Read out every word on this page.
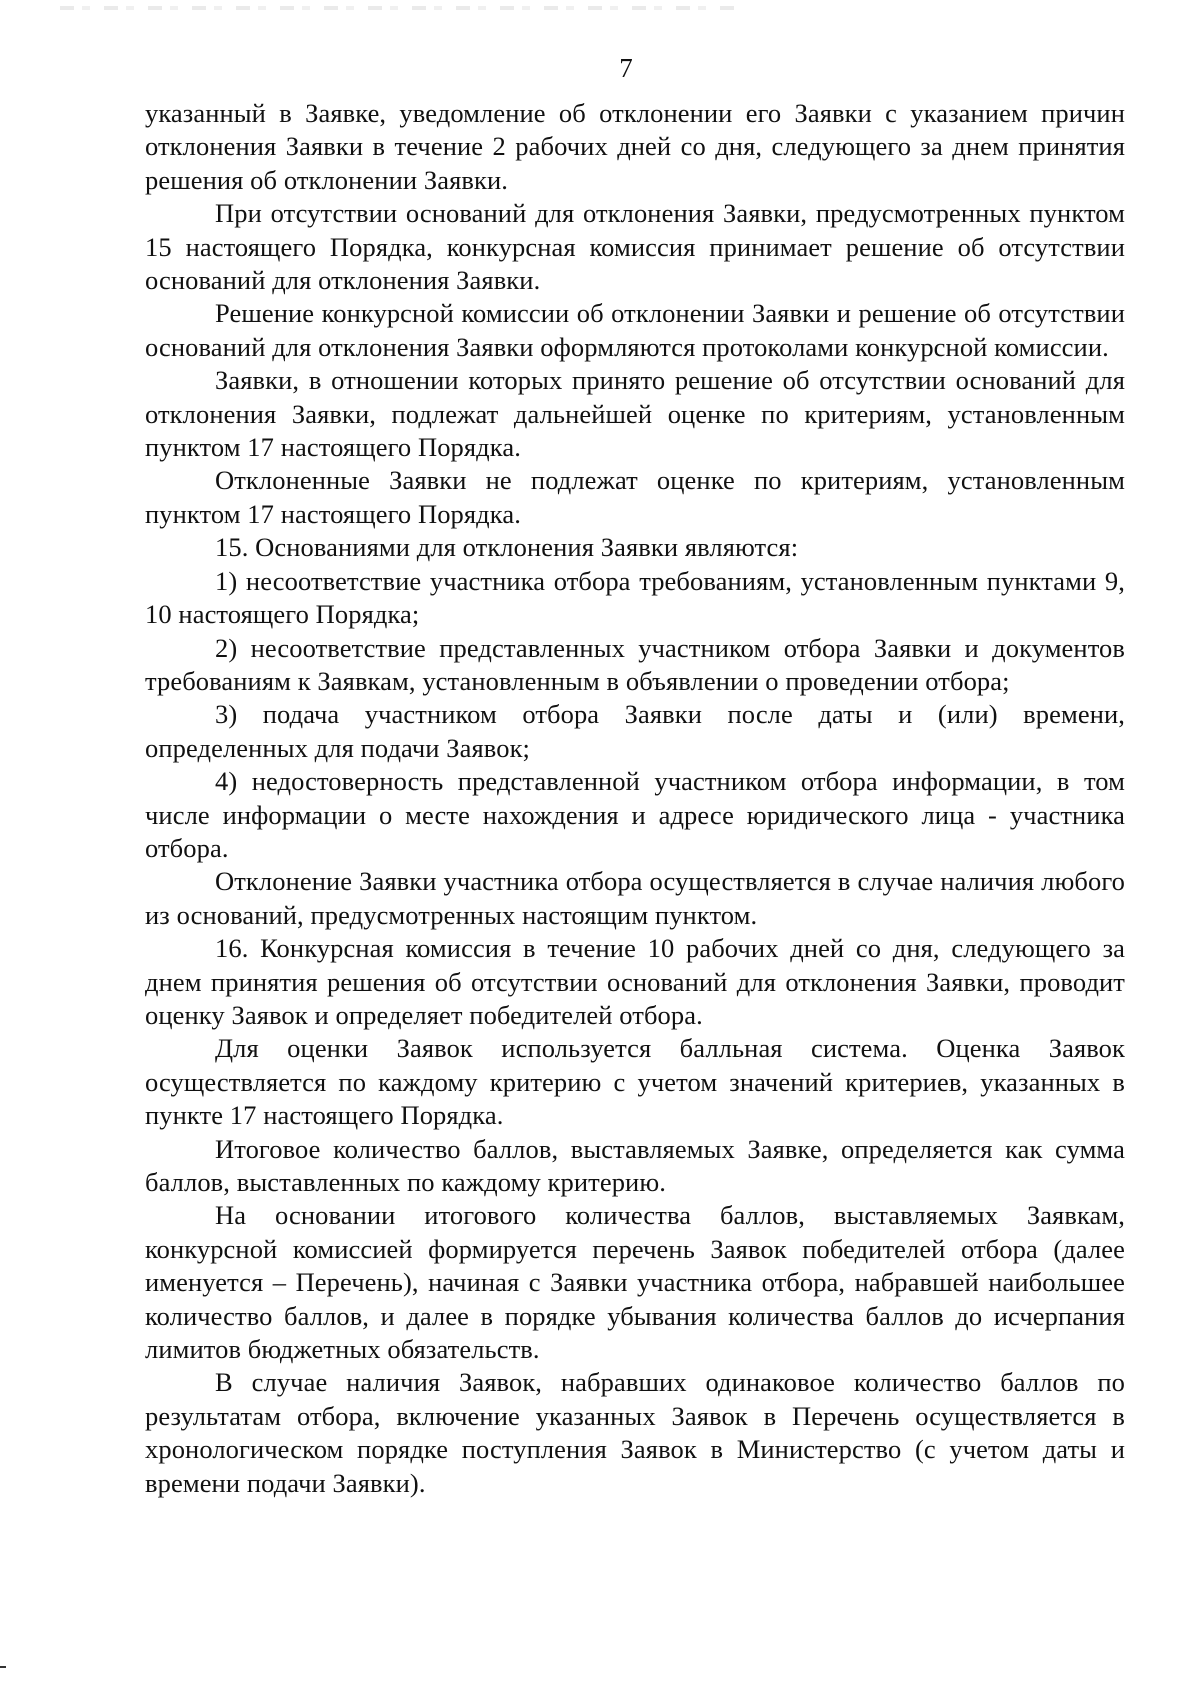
7

указанный в Заявке, уведомление об отклонении его Заявки с указанием причин отклонения Заявки в течение 2 рабочих дней со дня, следующего за днем принятия решения об отклонении Заявки.

При отсутствии оснований для отклонения Заявки, предусмотренных пунктом 15 настоящего Порядка, конкурсная комиссия принимает решение об отсутствии оснований для отклонения Заявки.

Решение конкурсной комиссии об отклонении Заявки и решение об отсутствии оснований для отклонения Заявки оформляются протоколами конкурсной комиссии.

Заявки, в отношении которых принято решение об отсутствии оснований для отклонения Заявки, подлежат дальнейшей оценке по критериям, установленным пунктом 17 настоящего Порядка.

Отклоненные Заявки не подлежат оценке по критериям, установленным пунктом 17 настоящего Порядка.

15. Основаниями для отклонения Заявки являются:

1) несоответствие участника отбора требованиям, установленным пунктами 9, 10 настоящего Порядка;

2) несоответствие представленных участником отбора Заявки и документов требованиям к Заявкам, установленным в объявлении о проведении отбора;

3) подача участником отбора Заявки после даты и (или) времени, определенных для подачи Заявок;

4) недостоверность представленной участником отбора информации, в том числе информации о месте нахождения и адресе юридического лица - участника отбора.

Отклонение Заявки участника отбора осуществляется в случае наличия любого из оснований, предусмотренных настоящим пунктом.

16. Конкурсная комиссия в течение 10 рабочих дней со дня, следующего за днем принятия решения об отсутствии оснований для отклонения Заявки, проводит оценку Заявок и определяет победителей отбора.

Для оценки Заявок используется балльная система. Оценка Заявок осуществляется по каждому критерию с учетом значений критериев, указанных в пункте 17 настоящего Порядка.

Итоговое количество баллов, выставляемых Заявке, определяется как сумма баллов, выставленных по каждому критерию.

На основании итогового количества баллов, выставляемых Заявкам, конкурсной комиссией формируется перечень Заявок победителей отбора (далее именуется – Перечень), начиная с Заявки участника отбора, набравшей наибольшее количество баллов, и далее в порядке убывания количества баллов до исчерпания лимитов бюджетных обязательств.

В случае наличия Заявок, набравших одинаковое количество баллов по результатам отбора, включение указанных Заявок в Перечень осуществляется в хронологическом порядке поступления Заявок в Министерство (с учетом даты и времени подачи Заявки).
